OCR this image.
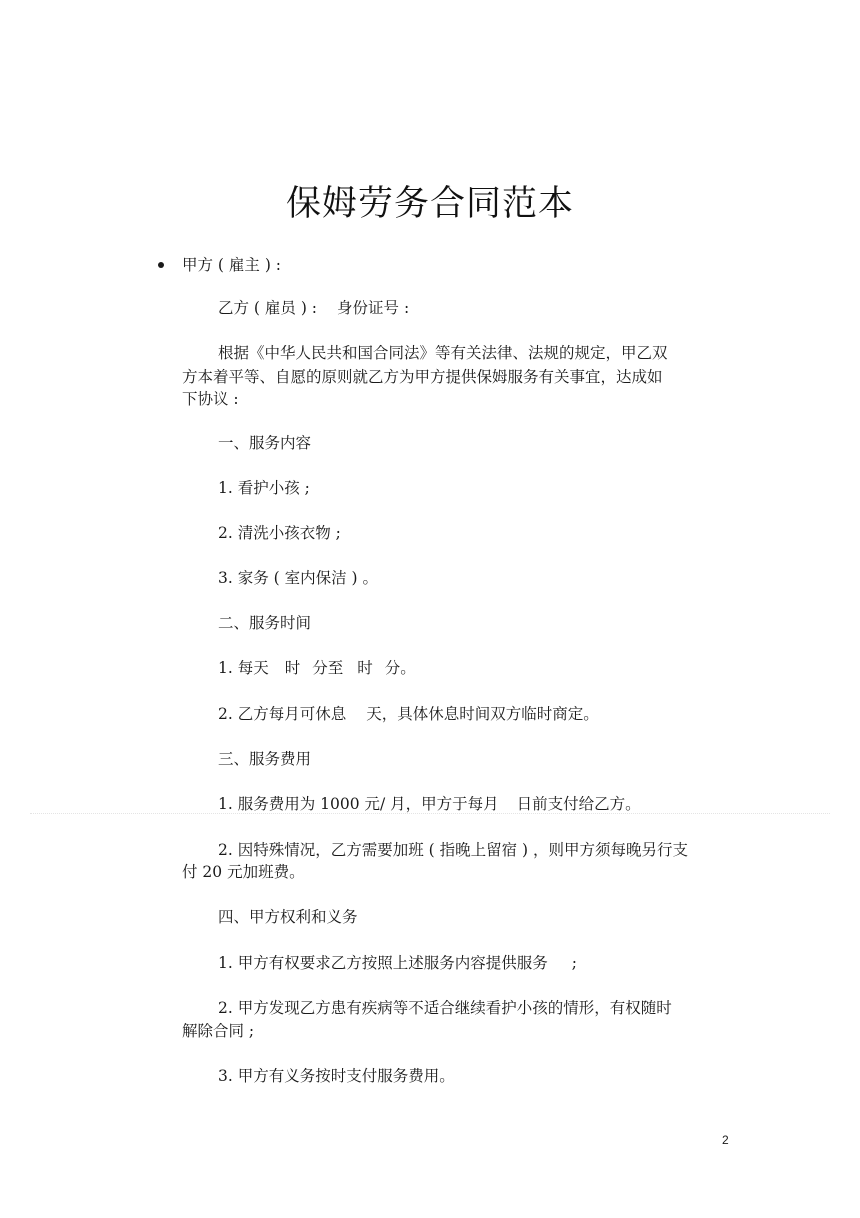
保姆劳务合同范本
甲方 ( 雇主 ) :
乙方 ( 雇员 ) : 身份证号 :
根据《中华人民共和国合同法》等有关法律、法规的规定，甲乙双
方本着平等、自愿的原则就乙方为甲方提供保姆服务有关事宜，达成如
下协议 :
一、服务内容
1. 看护小孩 ;
2. 清洗小孩衣物 ;
3. 家务 ( 室内保洁 ) 。
二、服务时间
1. 每天 时 分至 时 分。
2. 乙方每月可休息 天，具体休息时间双方临时商定。
三、服务费用
1. 服务费用为 1000 元/ 月，甲方于每月 日前支付给乙方。
2. 因特殊情况，乙方需要加班 ( 指晚上留宿 ) ，则甲方须每晚另行支
付 20 元加班费。
四、甲方权利和义务
1. 甲方有权要求乙方按照上述服务内容提供服务 ;
2. 甲方发现乙方患有疾病等不适合继续看护小孩的情形，有权随时
解除合同 ;
3. 甲方有义务按时支付服务费用。
2
